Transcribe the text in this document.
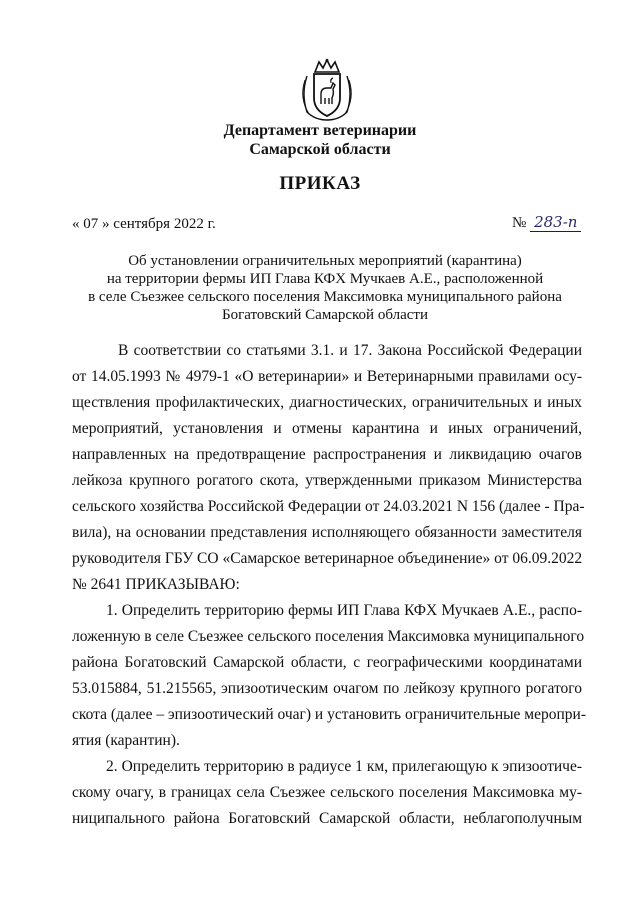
Департамент ветеринарии
Самарской области
ПРИКАЗ
« 07 » сентября 2022 г.	№ 283-п
Об установлении ограничительных мероприятий (карантина)
на территории фермы ИП Глава КФХ Мучкаев А.Е., расположенной
в селе Съезжее сельского поселения Максимовка муниципального района
Богатовский Самарской области
В соответствии со статьями 3.1. и 17. Закона Российской Федерации
от 14.05.1993 № 4979-1 «О ветеринарии» и Ветеринарными правилами осу-
ществления профилактических, диагностических, ограничительных и иных
мероприятий, установления и отмены карантина и иных ограничений,
направленных на предотвращение распространения и ликвидацию очагов
лейкоза крупного рогатого скота, утвержденными приказом Министерства
сельского хозяйства Российской Федерации от 24.03.2021 N 156 (далее - Пра-
вила), на основании представления исполняющего обязанности заместителя
руководителя ГБУ СО «Самарское ветеринарное объединение» от 06.09.2022
№ 2641 ПРИКАЗЫВАЮ:
1. Определить территорию фермы ИП Глава КФХ Мучкаев А.Е., распо-
ложенную в селе Съезжее сельского поселения Максимовка муниципального
района Богатовский Самарской области, с географическими координатами
53.015884, 51.215565, эпизоотическим очагом по лейкозу крупного рогатого
скота (далее – эпизоотический очаг) и установить ограничительные меропри-
ятия (карантин).
2. Определить территорию в радиусе 1 км, прилегающую к эпизоотиче-
скому очагу, в границах села Съезжее сельского поселения Максимовка му-
ниципального района Богатовский Самарской области, неблагополучным
